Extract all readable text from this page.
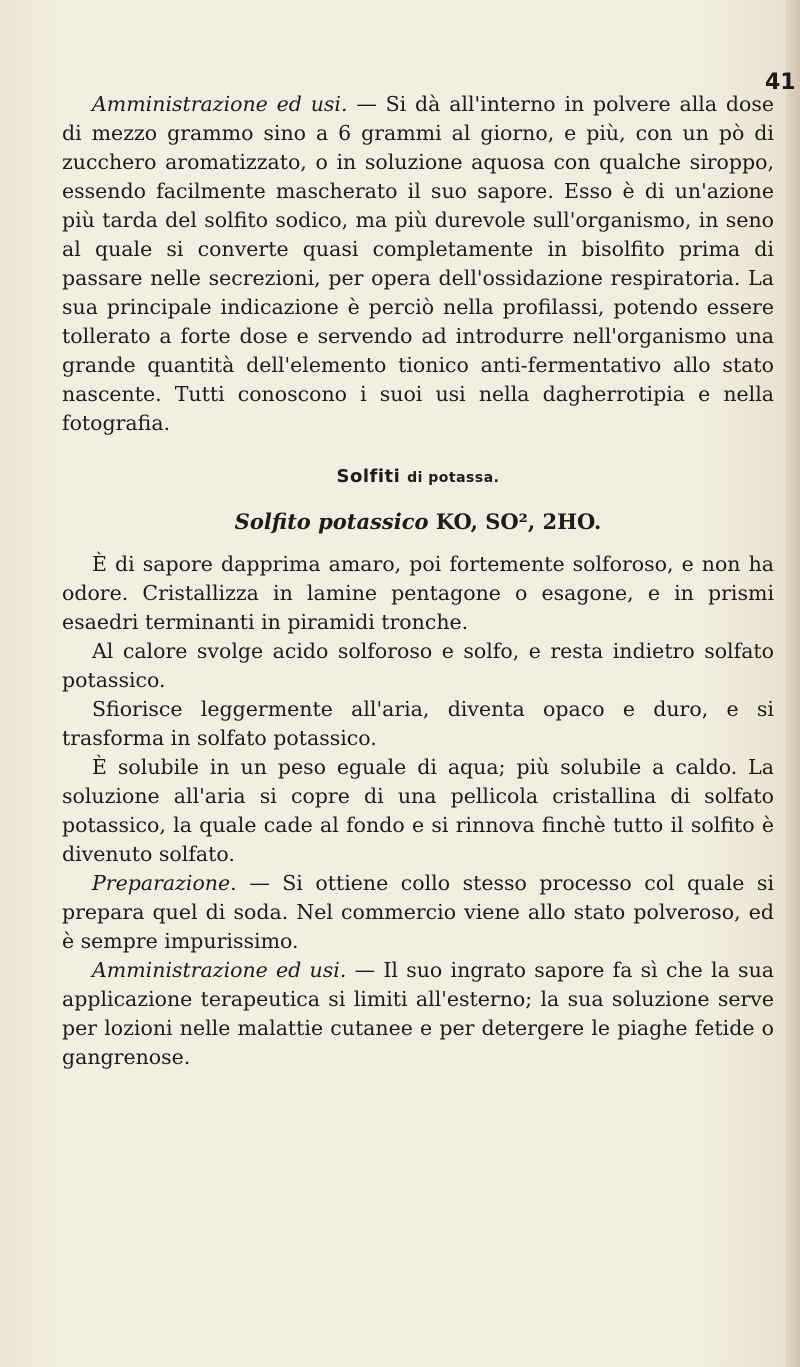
41

Amministrazione ed usi. — Si dà all'interno in polvere alla dose di mezzo grammo sino a 6 grammi al giorno, e più, con un pò di zucchero aromatizzato, o in soluzione aquosa con qualche siroppo, essendo facilmente mascherato il suo sapore. Esso è di un'azione più tarda del solfito sodico, ma più durevole sull'organismo, in seno al quale si converte quasi completamente in bisolfito prima di passare nelle secrezioni, per opera dell'ossidazione respiratoria. La sua principale indicazione è perciò nella profilassi, potendo essere tollerato a forte dose e servendo ad introdurre nell'organismo una grande quantità dell'elemento tionico anti-fermentativo allo stato nascente. Tutti conoscono i suoi usi nella dagherrotipia e nella fotografia.

Solfiti di potassa.
Solfito potassico KO, SO², 2HO.

È di sapore dapprima amaro, poi fortemente solforoso, e non ha odore. Cristallizza in lamine pentagone o esagone, e in prismi esaedri terminanti in piramidi tronche.

Al calore svolge acido solforoso e solfo, e resta indietro solfato potassico.

Sfiorisce leggermente all'aria, diventa opaco e duro, e si trasforma in solfato potassico.

È solubile in un peso eguale di aqua; più solubile a caldo. La soluzione all'aria si copre di una pellicola cristallina di solfato potassico, la quale cade al fondo e si rinnova finchè tutto il solfito è divenuto solfato.

Preparazione. — Si ottiene collo stesso processo col quale si prepara quel di soda. Nel commercio viene allo stato polveroso, ed è sempre impurissimo.

Amministrazione ed usi. — Il suo ingrato sapore fa sì che la sua applicazione terapeutica si limiti all'esterno; la sua soluzione serve per lozioni nelle malattie cutanee e per detergere le piaghe fetide o gangrenose.
